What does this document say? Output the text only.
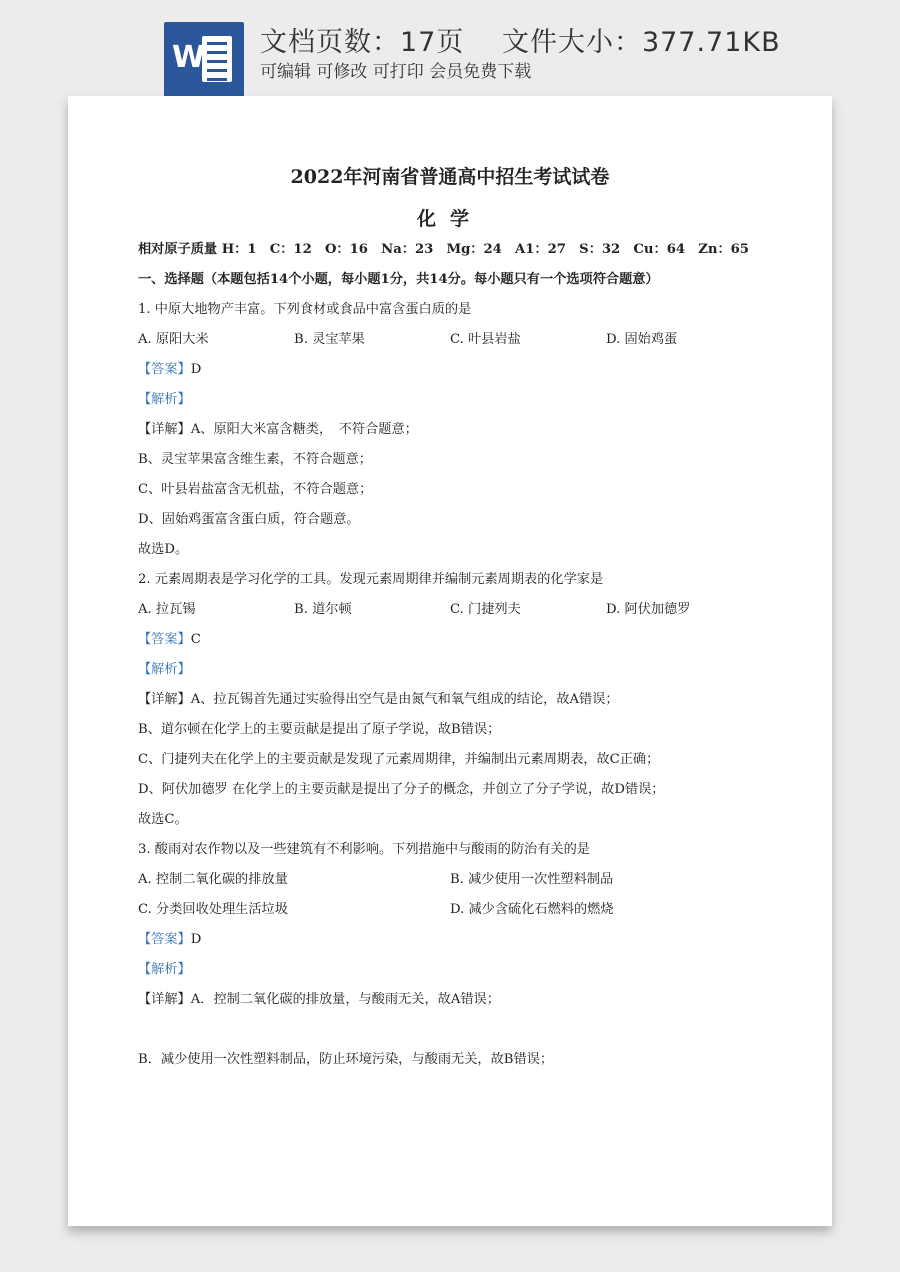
W 文档页数：17页　 文件大小：377.71KB
可编辑 可修改 可打印 会员免费下载
2022年河南省普通高中招生考试试卷
化学
相对原子质量 H：1　C：12　O：16　Na：23　Mg：24　A1：27　S：32　Cu：64　Zn：65
一、选择题（本题包括14个小题，每小题1分，共14分。每小题只有一个选项符合题意）
1. 中原大地物产丰富。下列食材或食品中富含蛋白质的是
A. 原阳大米	B. 灵宝苹果	C. 叶县岩盐	D. 固始鸡蛋
【答案】D
【解析】
【详解】A、原阳大米富含糖类，　不符合题意；
B、灵宝苹果富含维生素，不符合题意；
C、叶县岩盐富含无机盐，不符合题意；
D、固始鸡蛋富含蛋白质，符合题意。
故选D。
2. 元素周期表是学习化学的工具。发现元素周期律并编制元素周期表的化学家是
A. 拉瓦锡	B. 道尔顿	C. 门捷列夫	D. 阿伏加德罗
【答案】C
【解析】
【详解】A、拉瓦锡首先通过实验得出空气是由氮气和氧气组成的结论，故A错误；
B、道尔顿在化学上的主要贡献是提出了原子学说，故B错误；
C、门捷列夫在化学上的主要贡献是发现了元素周期律，并编制出元素周期表，故C正确；
D、阿伏加德罗 在化学上的主要贡献是提出了分子的概念，并创立了分子学说，故D错误；
故选C。
3. 酸雨对农作物以及一些建筑有不利影响。下列措施中与酸雨的防治有关的是
A. 控制二氧化碳的排放量	B. 减少使用一次性塑料制品
C. 分类回收处理生活垃圾	D. 减少含硫化石燃料的燃烧
【答案】D
【解析】
【详解】A．控制二氧化碳的排放量，与酸雨无关，故A错误；
B．减少使用一次性塑料制品，防止环境污染，与酸雨无关，故B错误；
